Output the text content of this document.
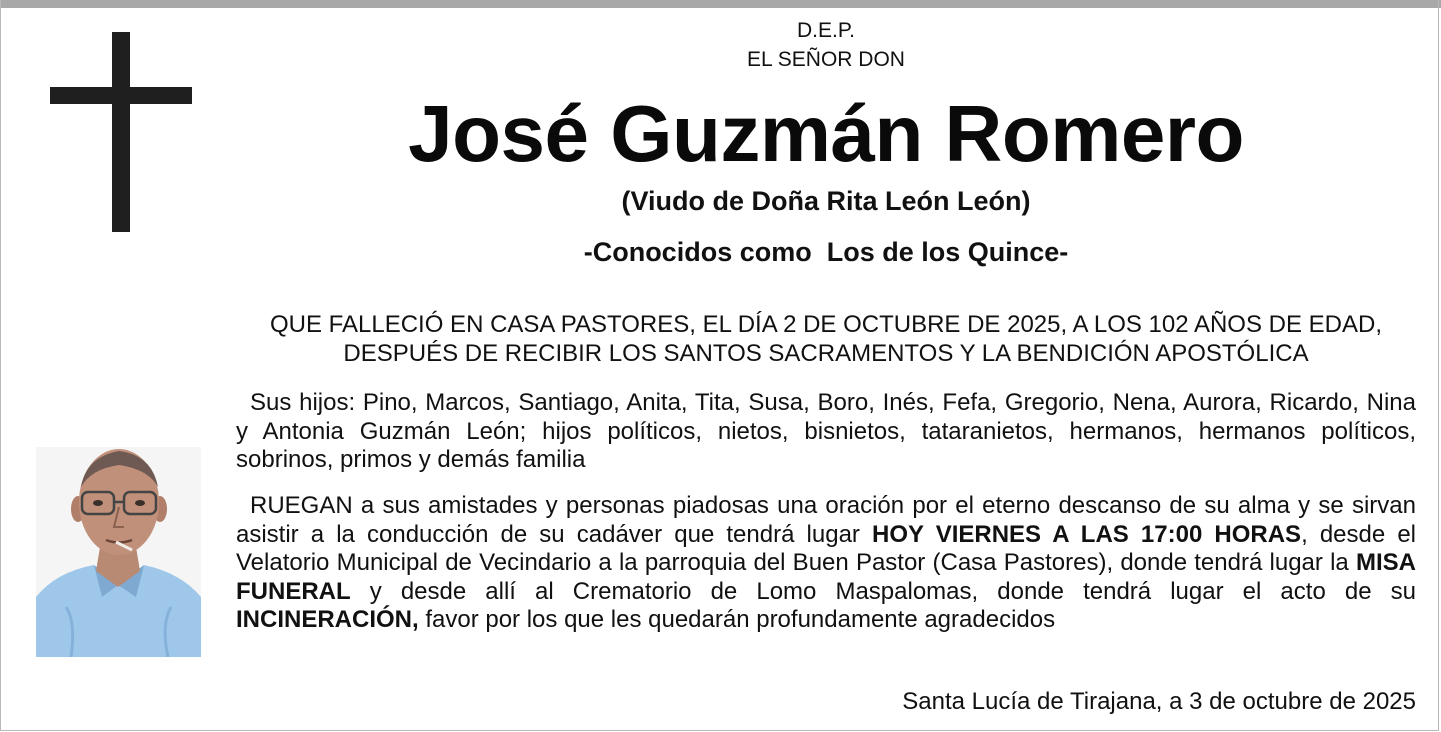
D.E.P.
EL SEÑOR DON
José Guzmán Romero
(Viudo de Doña Rita León León)
-Conocidos como  Los de los Quince-
QUE FALLECIÓ EN CASA PASTORES, EL DÍA 2 DE OCTUBRE DE 2025, A LOS 102 AÑOS DE EDAD, DESPUÉS DE RECIBIR LOS SANTOS SACRAMENTOS Y LA BENDICIÓN APOSTÓLICA
Sus hijos: Pino, Marcos, Santiago, Anita, Tita, Susa, Boro, Inés, Fefa, Gregorio, Nena, Aurora, Ricardo, Nina y Antonia Guzmán León; hijos políticos, nietos, bisnietos, tataranietos, hermanos, hermanos políticos, sobrinos, primos y demás familia
RUEGAN a sus amistades y personas piadosas una oración por el eterno descanso de su alma y se sirvan asistir a la conducción de su cadáver que tendrá lugar HOY VIERNES A LAS 17:00 HORAS, desde el Velatorio Municipal de Vecindario a la parroquia del Buen Pastor (Casa Pastores), donde tendrá lugar la MISA FUNERAL y desde allí al Crematorio de Lomo Maspalomas, donde tendrá lugar el acto de su INCINERACIÓN, favor por los que les quedarán profundamente agradecidos
Santa Lucía de Tirajana, a 3 de octubre de 2025
